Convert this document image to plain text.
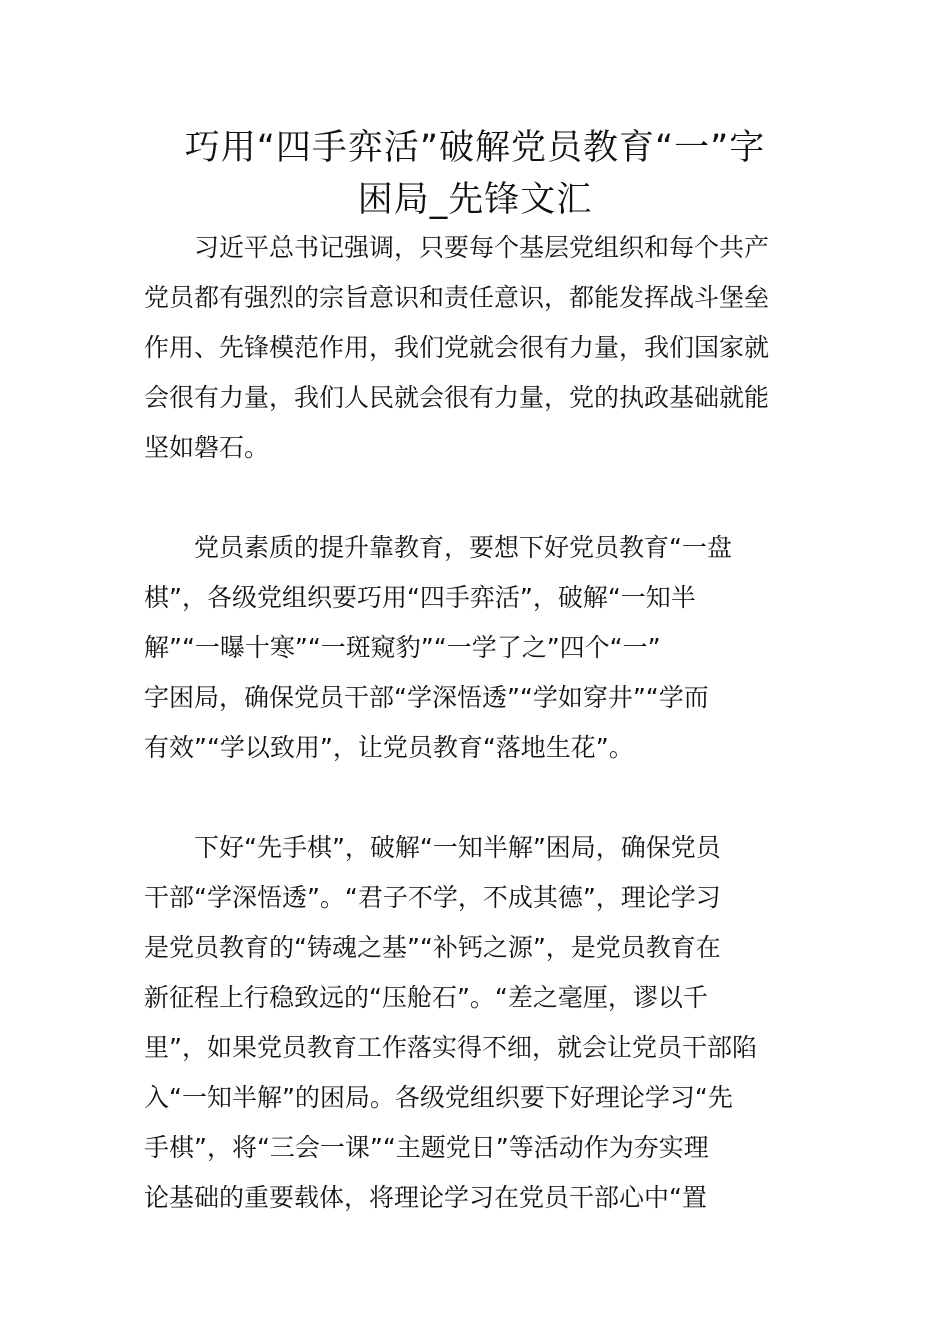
巧用“四手弈活”破解党员教育“一”字
困局_先锋文汇

　　习近平总书记强调，只要每个基层党组织和每个共产
党员都有强烈的宗旨意识和责任意识，都能发挥战斗堡垒
作用、先锋模范作用，我们党就会很有力量，我们国家就
会很有力量，我们人民就会很有力量，党的执政基础就能
坚如磐石。

　　党员素质的提升靠教育，要想下好党员教育“一盘
棋”，各级党组织要巧用“四手弈活”，破解“一知半
解”“一曝十寒”“一斑窥豹”“一学了之”四个“一”
字困局，确保党员干部“学深悟透”“学如穿井”“学而
有效”“学以致用”，让党员教育“落地生花”。

　　下好“先手棋”，破解“一知半解”困局，确保党员
干部“学深悟透”。“君子不学，不成其德”，理论学习
是党员教育的“铸魂之基”“补钙之源”，是党员教育在
新征程上行稳致远的“压舱石”。“差之毫厘，谬以千
里”，如果党员教育工作落实得不细，就会让党员干部陷
入“一知半解”的困局。各级党组织要下好理论学习“先
手棋”，将“三会一课”“主题党日”等活动作为夯实理
论基础的重要载体，将理论学习在党员干部心中“置
